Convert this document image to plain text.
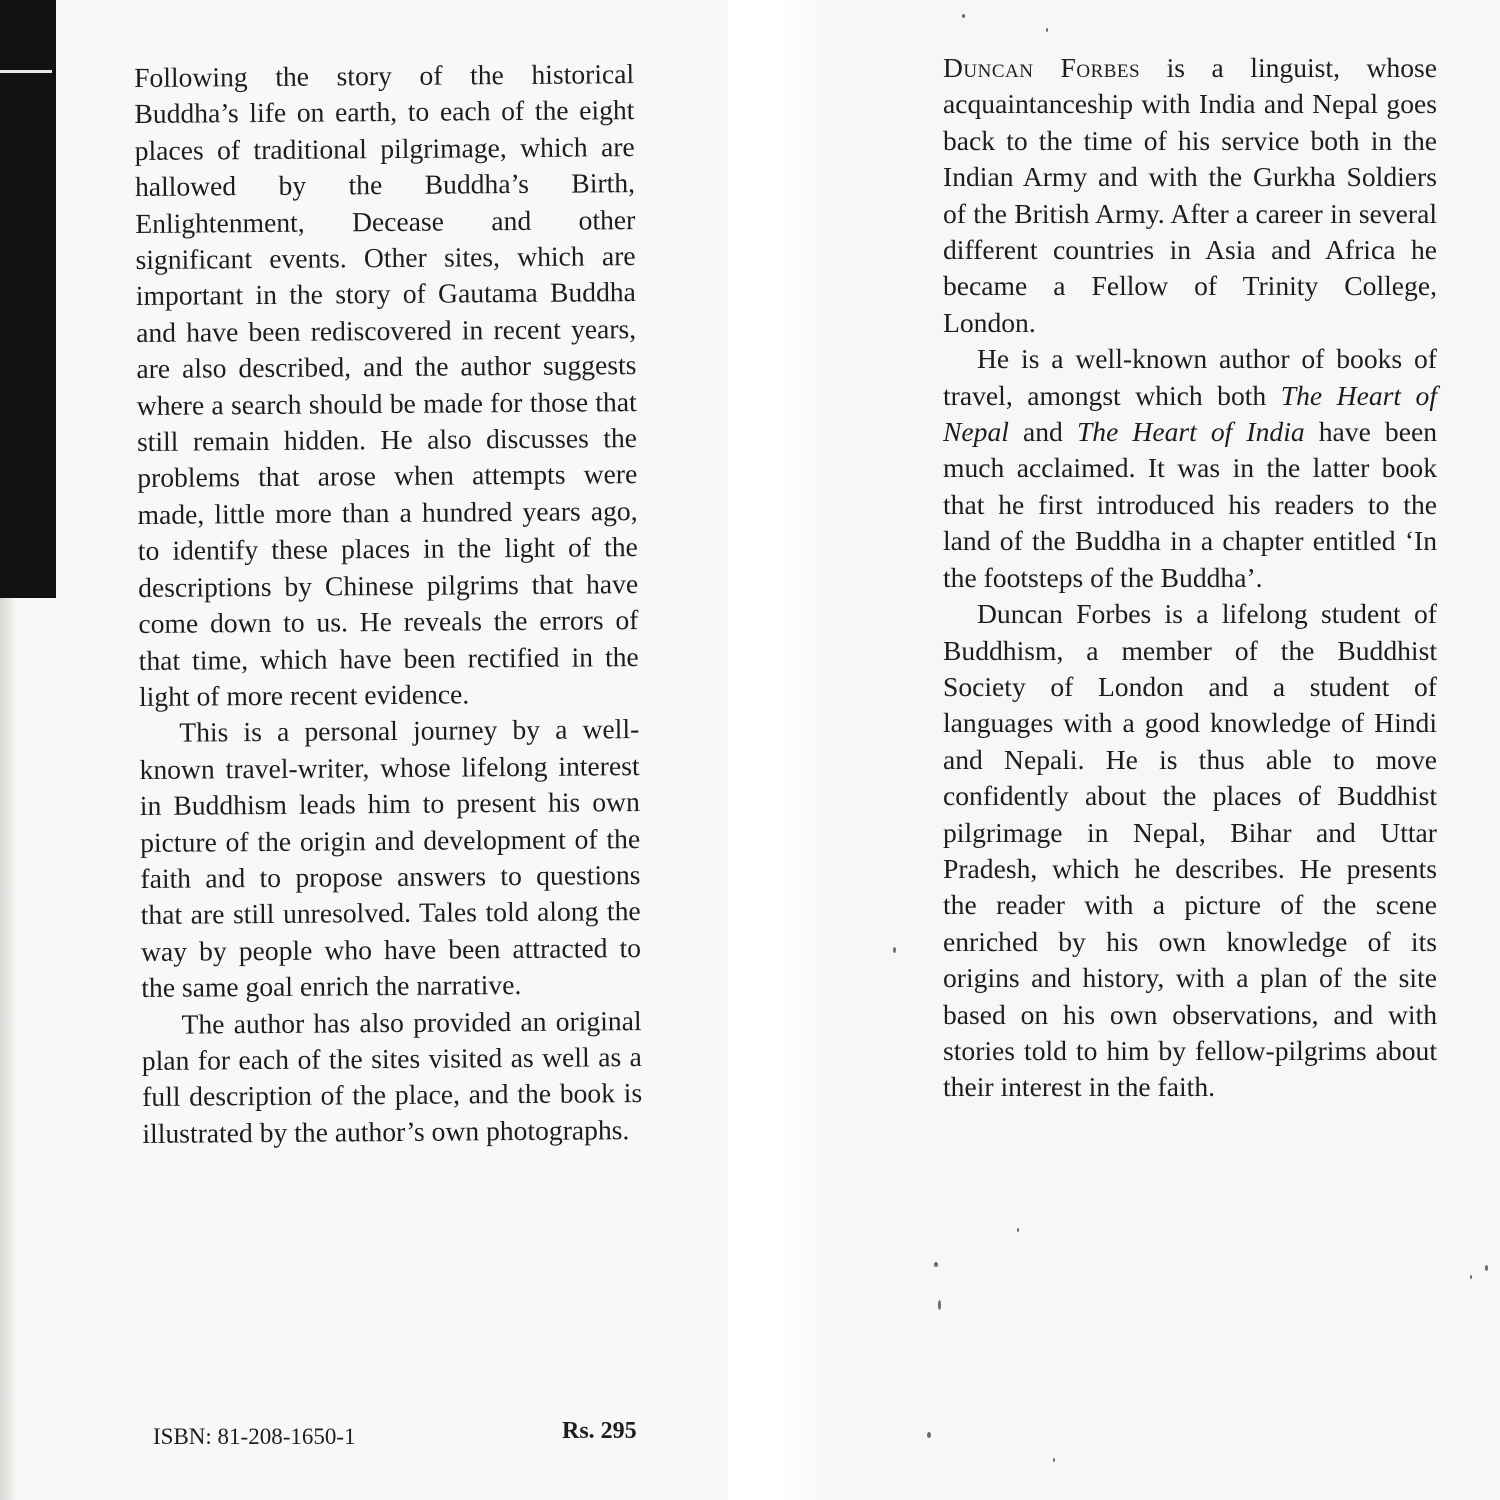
Following the story of the historical Buddha’s life on earth, to each of the eight places of traditional pilgrimage, which are hallowed by the Buddha’s Birth, Enlightenment, Decease and other significant events. Other sites, which are important in the story of Gautama Buddha and have been rediscovered in recent years, are also described, and the author suggests where a search should be made for those that still remain hidden. He also discusses the problems that arose when attempts were made, little more than a hundred years ago, to identify these places in the light of the descriptions by Chinese pilgrims that have come down to us. He reveals the errors of that time, which have been rectified in the light of more recent evidence.

This is a personal journey by a wellknown travel-writer, whose lifelong interest in Buddhism leads him to present his own picture of the origin and development of the faith and to propose answers to questions that are still unresolved. Tales told along the way by people who have been attracted to the same goal enrich the narrative.

The author has also provided an original plan for each of the sites visited as well as a full description of the place, and the book is illustrated by the author’s own photographs.

ISBN: 81-208-1650-1	Rs. 295

Duncan Forbes is a linguist, whose acquaintanceship with India and Nepal goes back to the time of his service both in the Indian Army and with the Gurkha Soldiers of the British Army. After a career in several different countries in Asia and Africa he became a Fellow of Trinity College, London.

He is a well-known author of books of travel, amongst which both The Heart of Nepal and The Heart of India have been much acclaimed. It was in the latter book that he first introduced his readers to the land of the Buddha in a chapter entitled ‘In the footsteps of the Buddha’.

Duncan Forbes is a lifelong student of Buddhism, a member of the Buddhist Society of London and a student of languages with a good knowledge of Hindi and Nepali. He is thus able to move confidently about the places of Buddhist pilgrimage in Nepal, Bihar and Uttar Pradesh, which he describes. He presents the reader with a picture of the scene enriched by his own knowledge of its origins and history, with a plan of the site based on his own observations, and with stories told to him by fellow-pilgrims about their interest in the faith.
